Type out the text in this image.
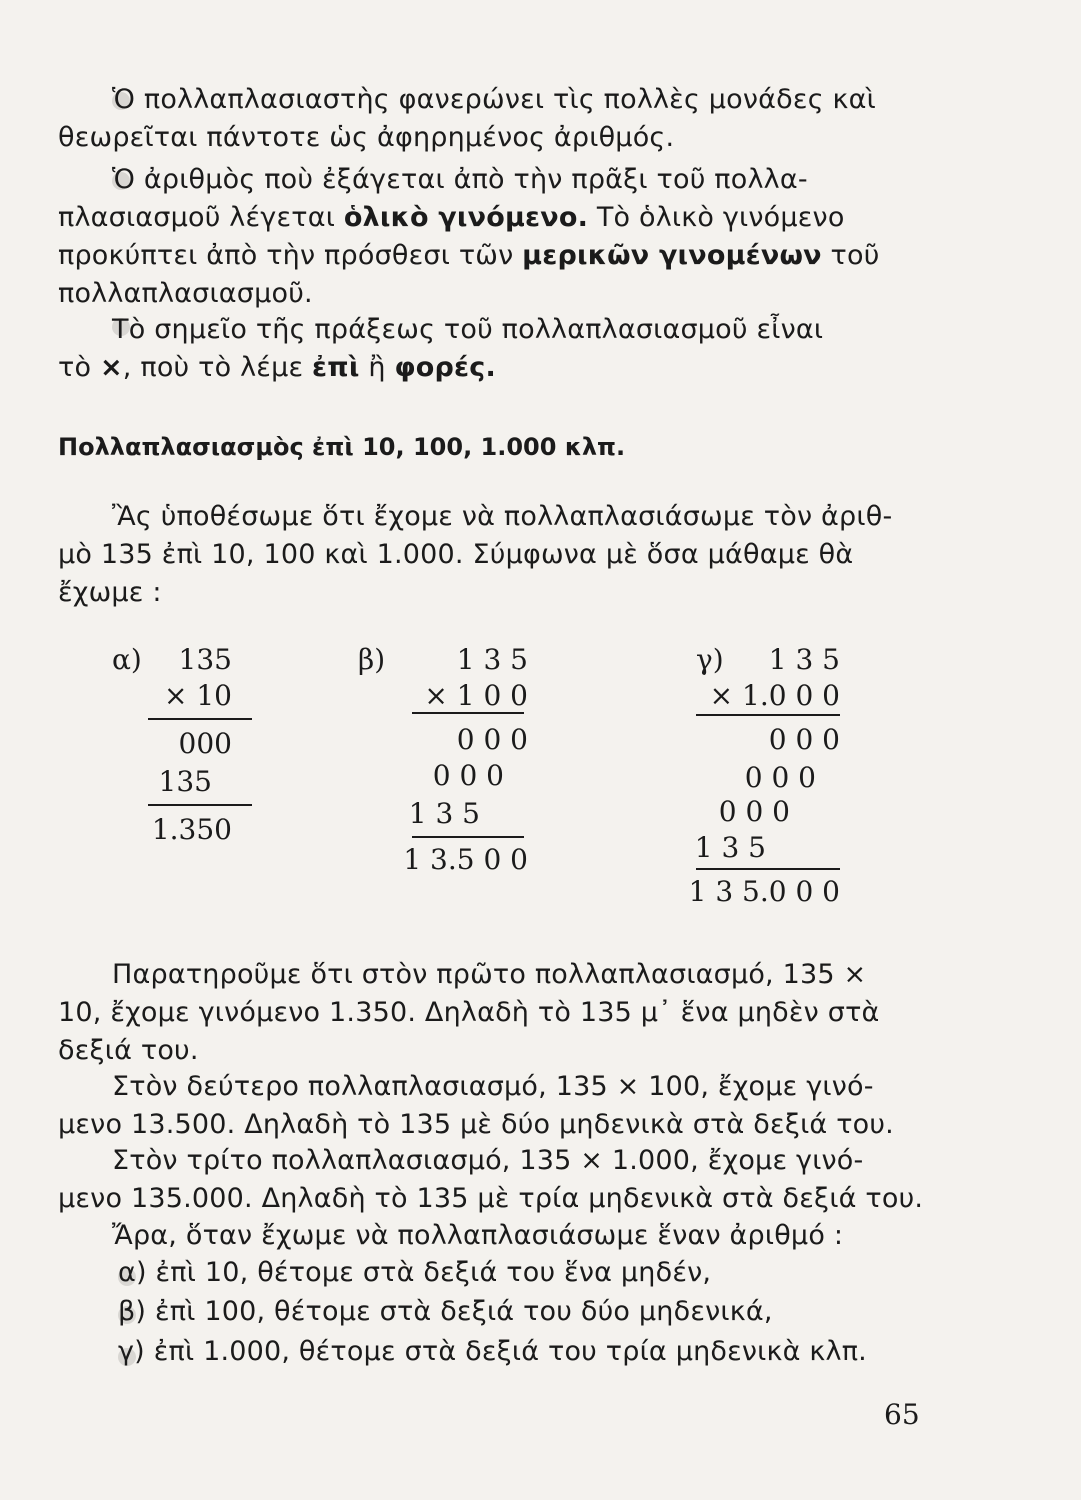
Ὁ πολλαπλασιαστὴς φανερώνει τὶς πολλὲς μονάδες καὶ
θεωρεῖται πάντοτε ὡς ἀφηρημένος ἀριθμός.
Ὁ ἀριθμὸς ποὺ ἐξάγεται ἀπὸ τὴν πρᾶξι τοῦ πολλα-
πλασιασμοῦ λέγεται ὁλικὸ γινόμενο. Τὸ ὁλικὸ γινόμενο
προκύπτει ἀπὸ τὴν πρόσθεσι τῶν μερικῶν γινομένων τοῦ
πολλαπλασιασμοῦ.
Τὸ σημεῖο τῆς πράξεως τοῦ πολλαπλασιασμοῦ εἶναι
τὸ ×, ποὺ τὸ λέμε ἐπὶ ἢ φορές.
Πολλαπλασιασμὸς ἐπὶ 10, 100, 1.000 κλπ.
Ἂς ὑποθέσωμε ὅτι ἔχομε νὰ πολλαπλασιάσωμε τὸν ἀριθ-
μὸ 135 ἐπὶ 10, 100 καὶ 1.000. Σύμφωνα μὲ ὅσα μάθαμε θὰ
ἔχωμε :
α)	135
× 10
000
135
1.350
β)	1 3 5
× 1 0 0
0 0 0
0 0 0
1 3 5
1 3.5 0 0
γ)	1 3 5
× 1.0 0 0
0 0 0
0 0 0
0 0 0
1 3 5
1 3 5.0 0 0
Παρατηροῦμε ὅτι στὸν πρῶτο πολλαπλασιασμό, 135 ×
10, ἔχομε γινόμενο 1.350. Δηλαδὴ τὸ 135 μ᾽ ἕνα μηδὲν στὰ
δεξιά του.
Στὸν δεύτερο πολλαπλασιασμό, 135 × 100, ἔχομε γινό-
μενο 13.500. Δηλαδὴ τὸ 135 μὲ δύο μηδενικὰ στὰ δεξιά του.
Στὸν τρίτο πολλαπλασιασμό, 135 × 1.000, ἔχομε γινό-
μενο 135.000. Δηλαδὴ τὸ 135 μὲ τρία μηδενικὰ στὰ δεξιά του.
Ἄρα, ὅταν ἔχωμε νὰ πολλαπλασιάσωμε ἕναν ἀριθμό :
α) ἐπὶ 10, θέτομε στὰ δεξιά του ἕνα μηδέν,
β) ἐπὶ 100, θέτομε στὰ δεξιά του δύο μηδενικά,
γ) ἐπὶ 1.000, θέτομε στὰ δεξιά του τρία μηδενικὰ κλπ.
65
